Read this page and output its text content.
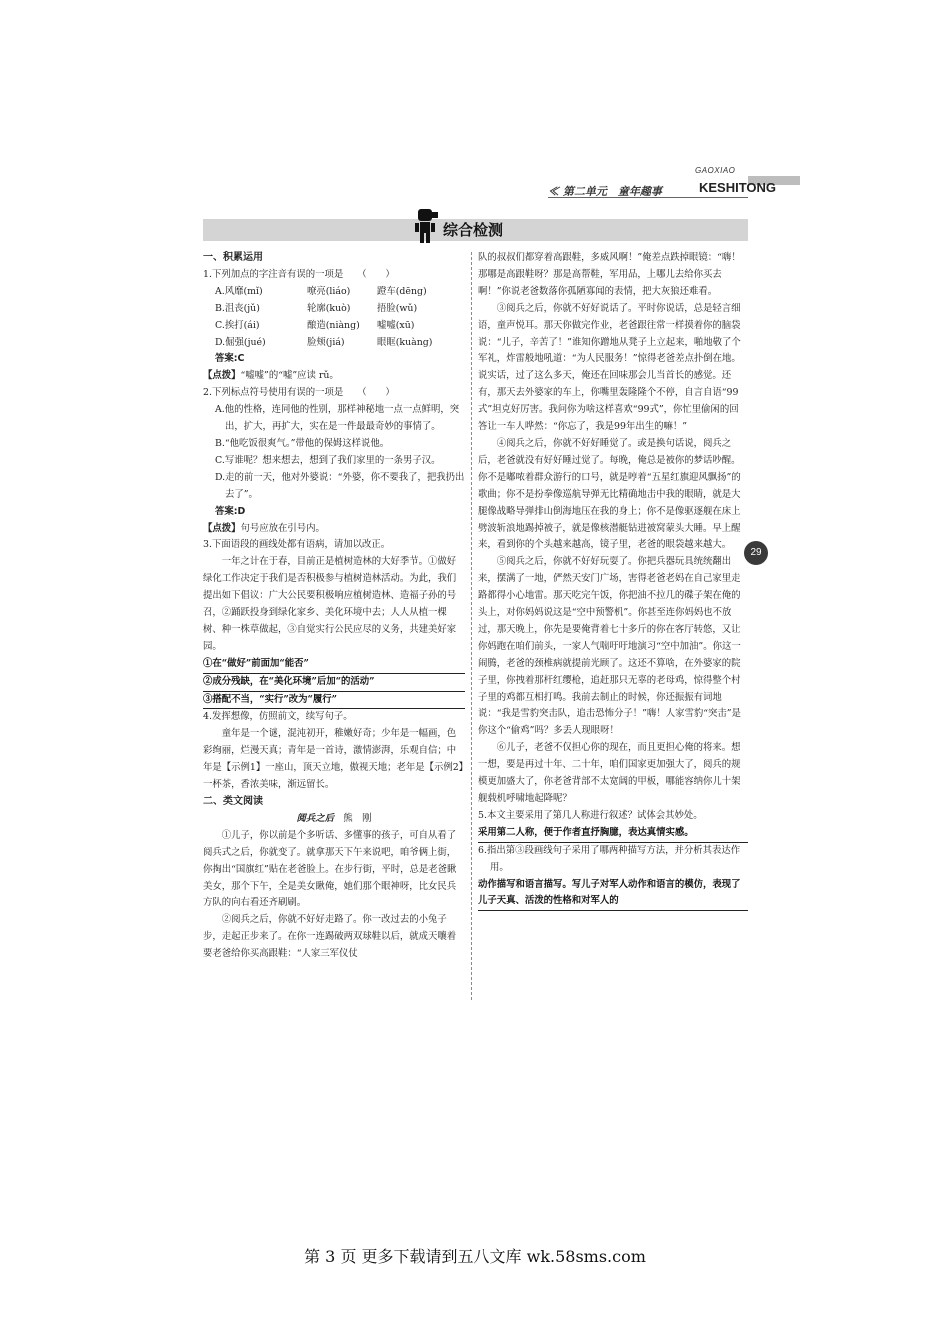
GAOXIAO
≪ 第二单元　童年趣事	KESHITONG
综合检测

一、积累运用

1.下列加点的字注音有误的一项是　　（　　）

A.风靡(mǐ)	嘹亮(liáo)	蹬车(dēng)
B.沮丧(jǔ)	轮廓(kuò)	捂脸(wǔ)
C.挨打(ái)	酿造(niàng)	嘘嘘(xū)
D.倔强(jué)	脸颊(jiá)	眼眶(kuàng)

答案:C

【点拨】“嘘嘘”的“嘘”应读 rǔ。

2.下列标点符号使用有误的一项是　　（　　）

A.他的性格，连同他的性别，那样神秘地一点一点鲜明，突出，扩大，再扩大，实在是一件最最奇妙的事情了。

B.“他吃饭很爽气。”带他的保姆这样说他。

C.写谁呢？想来想去，想到了我们家里的一条男子汉。

D.走的前一天，他对外婆说：“外婆，你不要我了，把我扔出去了”。

答案:D

【点拨】句号应放在引号内。

3.下面语段的画线处都有语病，请加以改正。

一年之计在于春，目前正是植树造林的大好季节。①做好绿化工作决定于我们是否积极参与植树造林活动。为此，我们提出如下倡议：广大公民要积极响应植树造林、造福子孙的号召，②踊跃投身到绿化家乡、美化环境中去；人人从植一棵树、种一株草做起，③自觉实行公民应尽的义务，共建美好家园。

①在“做好”前面加“能否”

②成分残缺，在“美化环境”后加“的活动”

③搭配不当，“实行”改为“履行”

4.发挥想像，仿照前文，续写句子。

童年是一个谜，混沌初开，稚嫩好奇；少年是一幅画，色彩绚丽，烂漫天真；青年是一首诗，激情澎湃，乐观自信；中年是【示例1】一座山，顶天立地，傲视天地；老年是【示例2】一杯茶，香浓美味，渐远留长。

二、类文阅读

阅兵之后　 熊　刚

①儿子，你以前是个多听话、多懂事的孩子，可自从看了阅兵式之后，你就变了。就拿那天下午来说吧，咱爷俩上街，你掏出“国旗红”贴在老爸脸上。在步行街，平时，总是老爸瞅美女，那个下午，全是美女瞅俺，她们那个眼神呀，比女民兵方队的向右看还齐刷刷。

②阅兵之后，你就不好好走路了。你一改过去的小兔子步，走起正步来了。在你一连踢破两双球鞋以后，就成天嚷着要老爸给你买高跟鞋：“人家三军仪仗

队的叔叔们都穿着高跟鞋，多威风啊！”俺差点跌掉眼镜：“嗨！那哪是高跟鞋呀？那是高帮鞋，军用品，上哪儿去给你买去啊！”你说老爸数落你孤陋寡闻的表情，把大灰狼还难看。

③阅兵之后，你就不好好说话了。平时你说话，总是轻言细语，童声悦耳。那天你做完作业，老爸跟往常一样摸着你的脑袋说：“儿子，辛苦了！”谁知你蹭地从凳子上立起来，啪地敬了个军礼，炸雷般地吼道：“为人民服务！”惊得老爸差点扑倒在地。说实话，过了这么多天，俺还在回味那会儿当首长的感觉。还有，那天去外婆家的车上，你嘴里轰隆隆个不停，自言自语“99式”坦克好厉害。我问你为啥这样喜欢“99式”，你忙里偷闲的回答让一车人哗然：“你忘了，我是99年出生的嘛！”

④阅兵之后，你就不好好睡觉了。或是换句话说，阅兵之后，老爸就没有好好睡过觉了。每晚，俺总是被你的梦话吵醒。你不是嘟哝着群众游行的口号，就是哼着“五星红旗迎风飘扬”的歌曲；你不是扮拳像巡航导弹无比精确地击中我的眼睛，就是大腿像战略导弹排山倒海地压在我的身上；你不是像驱逐舰在床上劈波斩浪地踢掉被子，就是像核潜艇钻进被窝蒙头大睡。早上醒来，看到你的个头越来越高，镜子里，老爸的眼袋越来越大。

⑤阅兵之后，你就不好好玩耍了。你把兵器玩具统统翻出来，摆满了一地，俨然天安门广场，害得老爸老妈在自己家里走路都得小心地雷。那天吃完午饭，你把油不拉几的碟子架在俺的头上，对你妈妈说这是“空中预警机”。你甚至连你妈妈也不放过，那天晚上，你先是要俺背着七十多斤的你在客厅转悠，又让你妈跑在咱们前头，一家人气喘吁吁地演习“空中加油”。你这一闹腾，老爸的颈椎病就提前光顾了。这还不算啥，在外婆家的院子里，你拽着那杆红缨枪，追赶那只无辜的老母鸡，惊得整个村子里的鸡都互相打鸣。我前去制止的时候，你还振振有词地说：“我是雪豹突击队，追击恐怖分子！”嗨！人家雪豹“突击”是你这个“偷鸡”吗？多丢人现眼呀！

⑥儿子，老爸不仅担心你的现在，而且更担心俺的将来。想一想，要是再过十年、二十年，咱们国家更加强大了，阅兵的规模更加盛大了，你老爸背部不太宽阔的甲板，哪能容纳你儿十架舰载机呼啸地起降呢？

5.本文主要采用了第几人称进行叙述？试体会其妙处。

采用第二人称，便于作者直抒胸臆，表达真情实感。

6.指出第③段画线句子采用了哪两种描写方法，并分析其表达作用。

动作描写和语言描写。写儿子对军人动作和语言的模仿，表现了儿子天真、活泼的性格和对军人的

29
第 3 页 更多下载请到五八文库 wk.58sms.com
